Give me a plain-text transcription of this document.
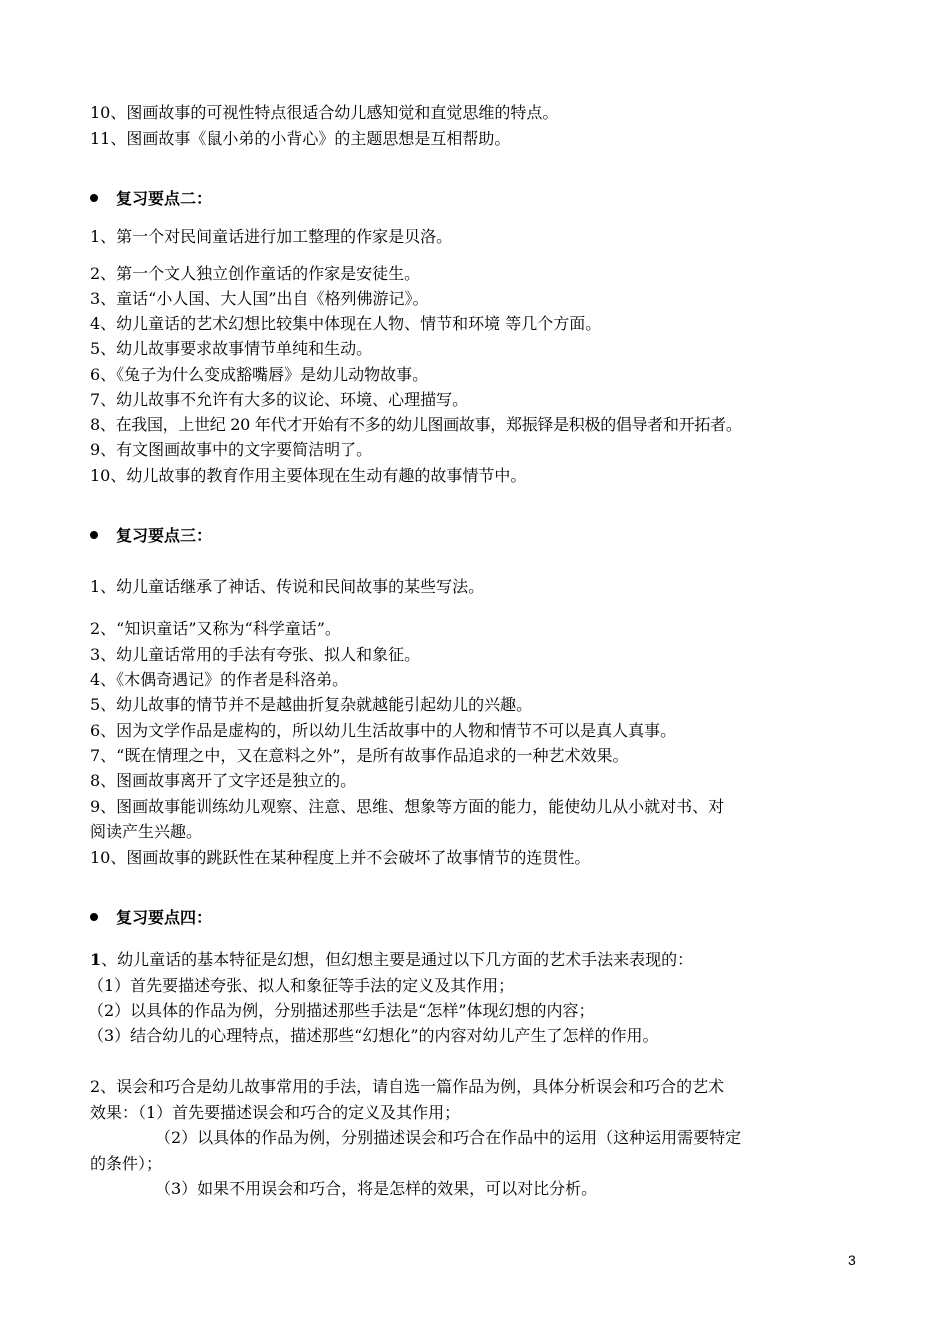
10、图画故事的可视性特点很适合幼儿感知觉和直觉思维的特点。
11、图画故事《鼠小弟的小背心》的主题思想是互相帮助。
复习要点二：
1、第一个对民间童话进行加工整理的作家是贝洛。
2、第一个文人独立创作童话的作家是安徒生。
3、童话“小人国、大人国”出自《格列佛游记》。
4、幼儿童话的艺术幻想比较集中体现在人物、情节和环境 等几个方面。
5、幼儿故事要求故事情节单纯和生动。
6、《兔子为什么变成豁嘴唇》是幼儿动物故事。
7、幼儿故事不允许有大多的议论、环境、心理描写。
8、在我国，上世纪 20 年代才开始有不多的幼儿图画故事，郑振铎是积极的倡导者和开拓者。
9、有文图画故事中的文字要简洁明了。
10、幼儿故事的教育作用主要体现在生动有趣的故事情节中。
复习要点三：
1、幼儿童话继承了神话、传说和民间故事的某些写法。
2、“知识童话”又称为“科学童话”。
3、幼儿童话常用的手法有夸张、拟人和象征。
4、《木偶奇遇记》的作者是科洛弟。
5、幼儿故事的情节并不是越曲折复杂就越能引起幼儿的兴趣。
6、因为文学作品是虚构的，所以幼儿生活故事中的人物和情节不可以是真人真事。
7、“既在情理之中，又在意料之外”，是所有故事作品追求的一种艺术效果。
8、图画故事离开了文字还是独立的。
9、图画故事能训练幼儿观察、注意、思维、想象等方面的能力，能使幼儿从小就对书、对
阅读产生兴趣。
10、图画故事的跳跃性在某种程度上并不会破坏了故事情节的连贯性。
复习要点四：
1、幼儿童话的基本特征是幻想，但幻想主要是通过以下几方面的艺术手法来表现的：
（1）首先要描述夸张、拟人和象征等手法的定义及其作用；
（2）以具体的作品为例，分别描述那些手法是“怎样”体现幻想的内容；
（3）结合幼儿的心理特点，描述那些“幻想化”的内容对幼儿产生了怎样的作用。
2、误会和巧合是幼儿故事常用的手法，请自选一篇作品为例，具体分析误会和巧合的艺术
效果：（1）首先要描述误会和巧合的定义及其作用；
（2）以具体的作品为例，分别描述误会和巧合在作品中的运用（这种运用需要特定
的条件）；
（3）如果不用误会和巧合，将是怎样的效果，可以对比分析。
3
